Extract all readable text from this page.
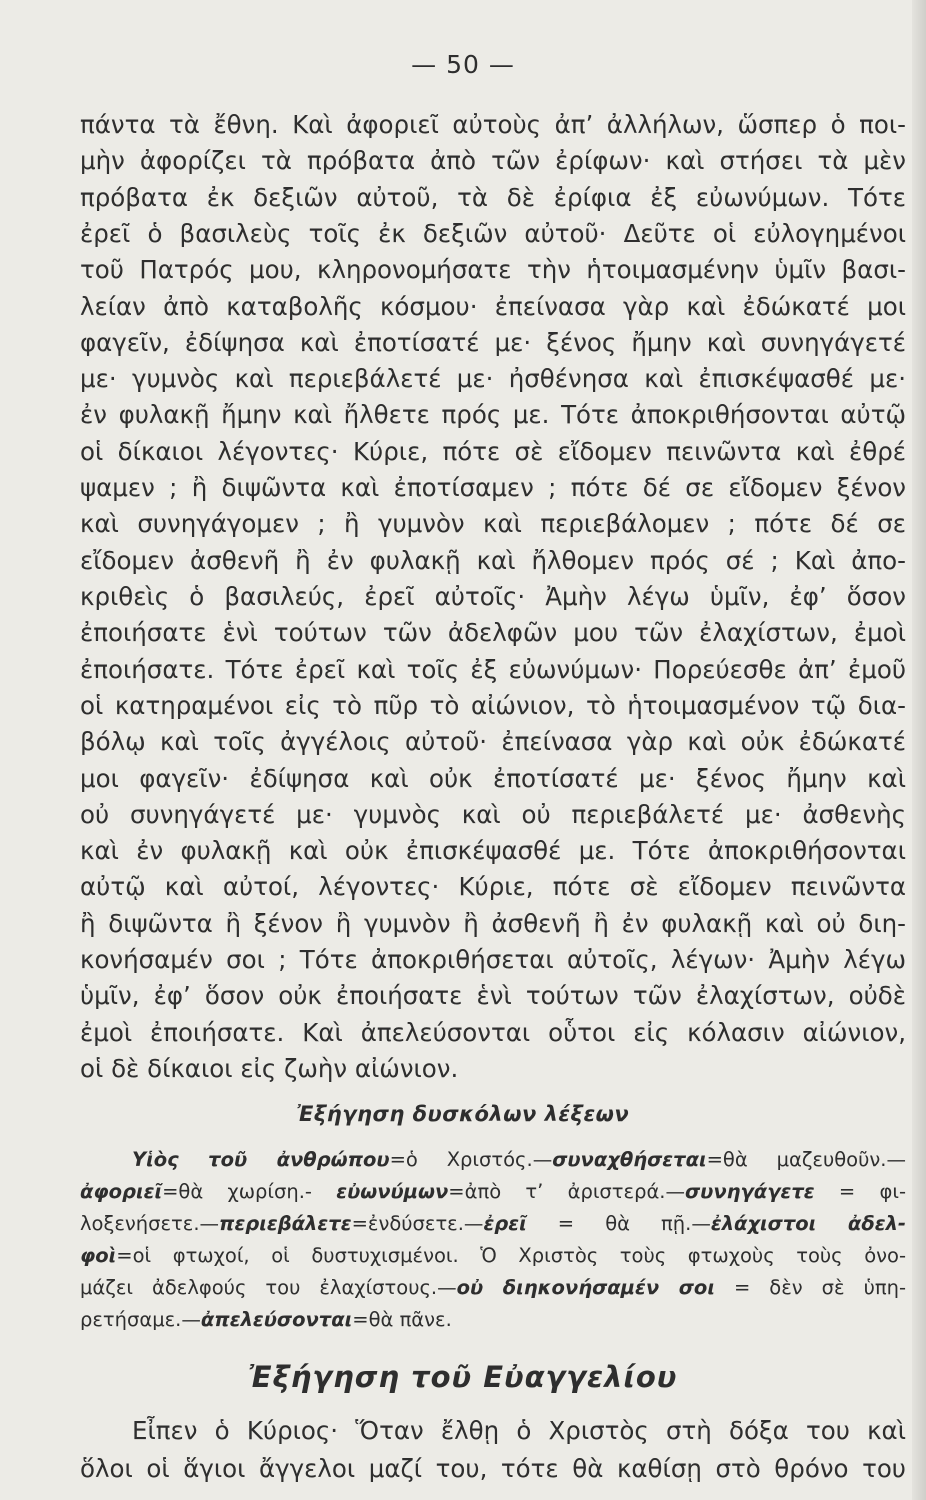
— 50 —
πάντα τὰ ἔθνη. Καὶ ἀφοριεῖ αὐτοὺς ἀπ’ ἀλλήλων, ὥσπερ ὁ ποι-
μὴν ἀφορίζει τὰ πρόβατα ἀπὸ τῶν ἐρίφων· καὶ στήσει τὰ μὲν
πρόβατα ἐκ δεξιῶν αὐτοῦ, τὰ δὲ ἐρίφια ἐξ εὐωνύμων. Τότε
ἐρεῖ ὁ βασιλεὺς τοῖς ἐκ δεξιῶν αὐτοῦ· Δεῦτε οἱ εὐλογημένοι
τοῦ Πατρός μου, κληρονομήσατε τὴν ἡτοιμασμένην ὑμῖν βασι-
λείαν ἀπὸ καταβολῆς κόσμου· ἐπείνασα γὰρ καὶ ἐδώκατέ μοι
φαγεῖν, ἐδίψησα καὶ ἐποτίσατέ με· ξένος ἤμην καὶ συνηγάγετέ
με· γυμνὸς καὶ περιεβάλετέ με· ἠσθένησα καὶ ἐπισκέψασθέ με·
ἐν φυλακῇ ἤμην καὶ ἤλθετε πρός με. Τότε ἀποκριθήσονται αὐτῷ
οἱ δίκαιοι λέγοντες· Κύριε, πότε σὲ εἴδομεν πεινῶντα καὶ ἐθρέ
ψαμεν ; ἢ διψῶντα καὶ ἐποτίσαμεν ; πότε δέ σε εἴδομεν ξένον
καὶ συνηγάγομεν ; ἢ γυμνὸν καὶ περιεβάλομεν ; πότε δέ σε
εἴδομεν ἀσθενῆ ἢ ἐν φυλακῇ καὶ ἤλθομεν πρός σέ ; Καὶ ἀπο-
κριθεὶς ὁ βασιλεύς, ἐρεῖ αὐτοῖς· Ἀμὴν λέγω ὑμῖν, ἐφ’ ὅσον
ἐποιήσατε ἑνὶ τούτων τῶν ἀδελφῶν μου τῶν ἐλαχίστων, ἐμοὶ
ἐποιήσατε. Τότε ἐρεῖ καὶ τοῖς ἐξ εὐωνύμων· Πορεύεσθε ἀπ’ ἐμοῦ
οἱ κατηραμένοι εἰς τὸ πῦρ τὸ αἰώνιον, τὸ ἡτοιμασμένον τῷ δια-
βόλῳ καὶ τοῖς ἀγγέλοις αὐτοῦ· ἐπείνασα γὰρ καὶ οὐκ ἐδώκατέ
μοι φαγεῖν· ἐδίψησα καὶ οὐκ ἐποτίσατέ με· ξένος ἤμην καὶ
οὐ συνηγάγετέ με· γυμνὸς καὶ οὐ περιεβάλετέ με· ἀσθενὴς
καὶ ἐν φυλακῇ καὶ οὐκ ἐπισκέψασθέ με. Τότε ἀποκριθήσονται
αὐτῷ καὶ αὐτοί, λέγοντες· Κύριε, πότε σὲ εἴδομεν πεινῶντα
ἢ διψῶντα ἢ ξένον ἢ γυμνὸν ἢ ἀσθενῆ ἢ ἐν φυλακῇ καὶ οὐ διη-
κονήσαμέν σοι ; Τότε ἀποκριθήσεται αὐτοῖς, λέγων· Ἀμὴν λέγω
ὑμῖν, ἐφ’ ὅσον οὐκ ἐποιήσατε ἑνὶ τούτων τῶν ἐλαχίστων, οὐδὲ
ἐμοὶ ἐποιήσατε. Καὶ ἀπελεύσονται οὗτοι εἰς κόλασιν αἰώνιον,
οἱ δὲ δίκαιοι εἰς ζωὴν αἰώνιον.
Ἐξήγηση δυσκόλων λέξεων
Υἱὸς τοῦ ἀνθρώπου=ὁ Χριστός.—συναχθήσεται=θὰ μαζευθοῦν.—
ἀφοριεῖ=θὰ χωρίση.- εὐωνύμων=ἀπὸ τ’ ἀριστερά.—συνηγάγετε = φι-
λοξενήσετε.—περιεβάλετε=ἐνδύσετε.—ἐρεῖ = θὰ πῇ.—ἐλάχιστοι ἀδελ-
φοὶ=οἱ φτωχοί, οἱ δυστυχισμένοι. Ὁ Χριστὸς τοὺς φτωχοὺς τοὺς ὀνο-
μάζει ἀδελφούς του ἐλαχίστους.—οὐ διηκονήσαμέν σοι = δὲν σὲ ὑπη-
ρετήσαμε.—ἀπελεύσονται=θὰ πᾶνε.
Ἐξήγηση τοῦ Εὐαγγελίου
Εἶπεν ὁ Κύριος· Ὅταν ἔλθῃ ὁ Χριστὸς στὴ δόξα του καὶ
ὅλοι οἱ ἅγιοι ἄγγελοι μαζί του, τότε θὰ καθίσῃ στὸ θρόνο του
